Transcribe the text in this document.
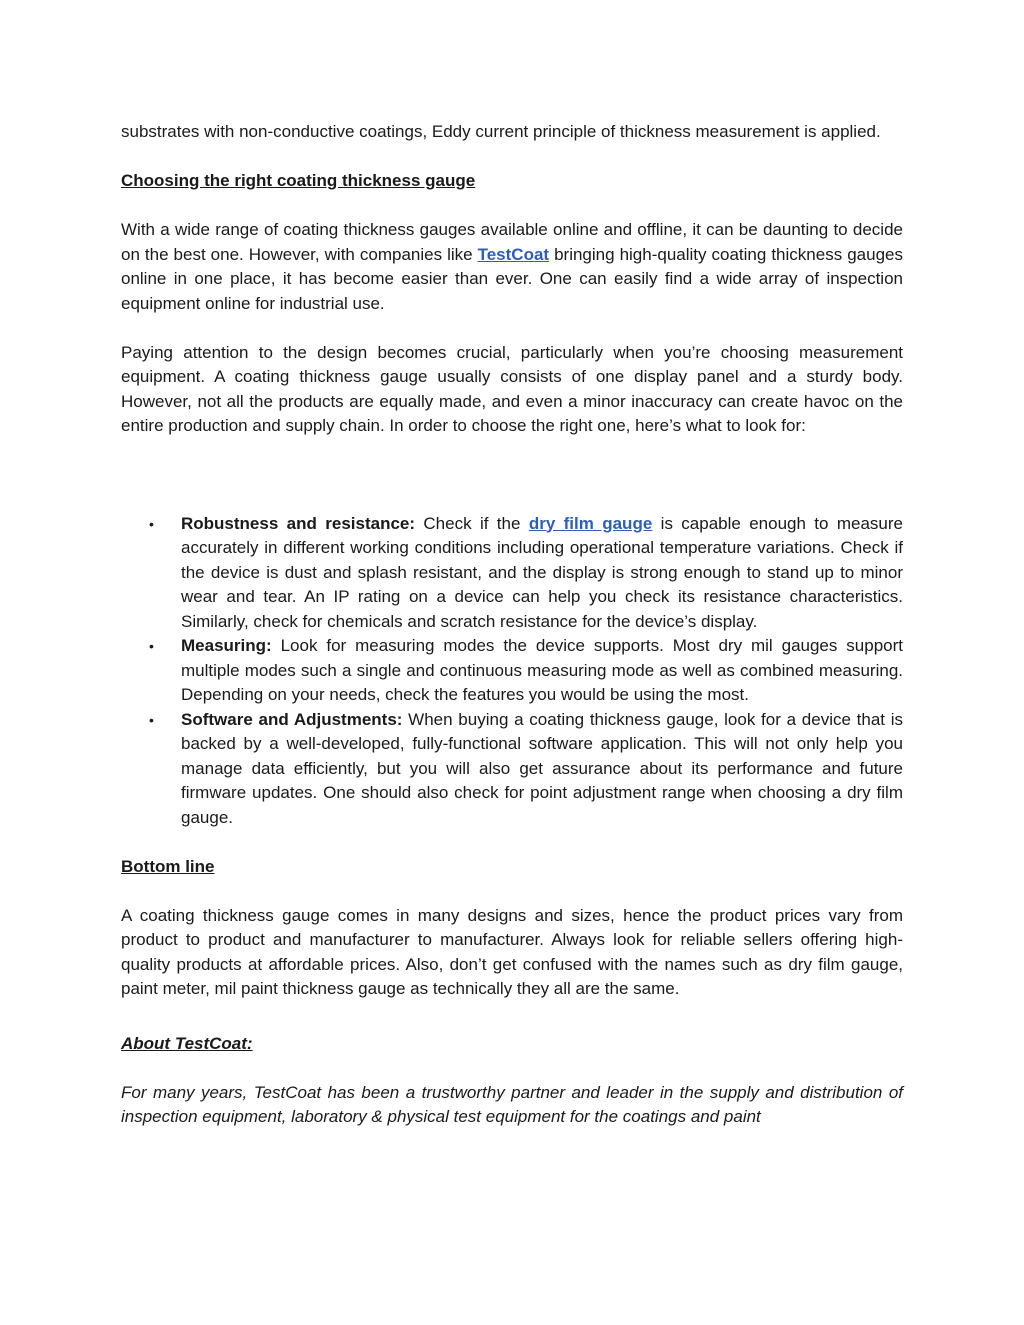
substrates with non-conductive coatings, Eddy current principle of thickness measurement is applied.

Choosing the right coating thickness gauge

With a wide range of coating thickness gauges available online and offline, it can be daunting to decide on the best one. However, with companies like TestCoat bringing high-quality coating thickness gauges online in one place, it has become easier than ever. One can easily find a wide array of inspection equipment online for industrial use.

Paying attention to the design becomes crucial, particularly when you’re choosing measurement equipment. A coating thickness gauge usually consists of one display panel and a sturdy body. However, not all the products are equally made, and even a minor inaccuracy can create havoc on the entire production and supply chain. In order to choose the right one, here’s what to look for:

• Robustness and resistance: Check if the dry film gauge is capable enough to measure accurately in different working conditions including operational temperature variations. Check if the device is dust and splash resistant, and the display is strong enough to stand up to minor wear and tear. An IP rating on a device can help you check its resistance characteristics. Similarly, check for chemicals and scratch resistance for the device’s display.
• Measuring: Look for measuring modes the device supports. Most dry mil gauges support multiple modes such a single and continuous measuring mode as well as combined measuring. Depending on your needs, check the features you would be using the most.
• Software and Adjustments: When buying a coating thickness gauge, look for a device that is backed by a well-developed, fully-functional software application. This will not only help you manage data efficiently, but you will also get assurance about its performance and future firmware updates. One should also check for point adjustment range when choosing a dry film gauge.

Bottom line

A coating thickness gauge comes in many designs and sizes, hence the product prices vary from product to product and manufacturer to manufacturer. Always look for reliable sellers offering high-quality products at affordable prices. Also, don’t get confused with the names such as dry film gauge, paint meter, mil paint thickness gauge as technically they all are the same.

About TestCoat:

For many years, TestCoat has been a trustworthy partner and leader in the supply and distribution of inspection equipment, laboratory & physical test equipment for the coatings and paint
